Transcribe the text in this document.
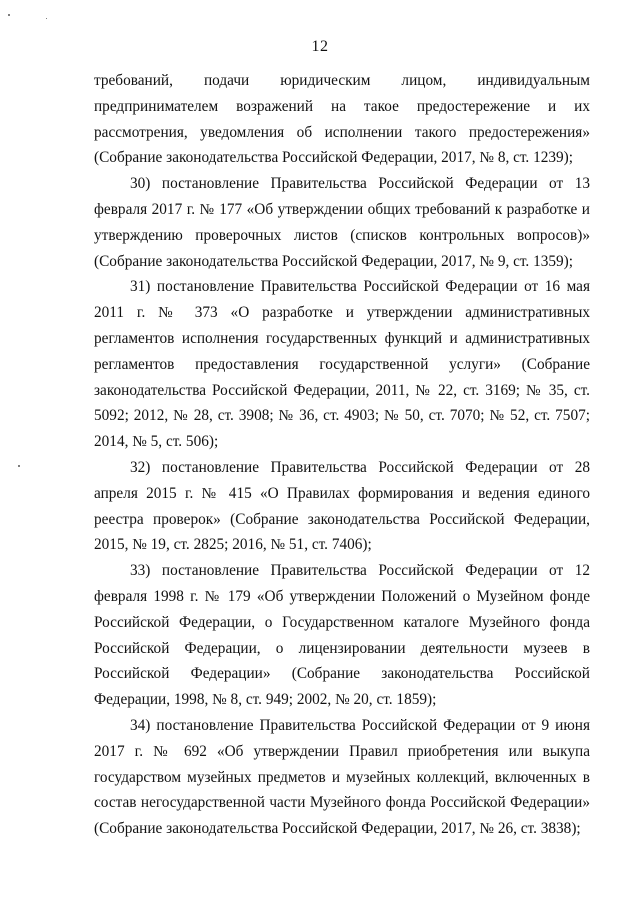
12

требований, подачи юридическим лицом, индивидуальным предпринимателем возражений на такое предостережение и их рассмотрения, уведомления об исполнении такого предостережения» (Собрание законодательства Российской Федерации, 2017, № 8, ст. 1239);

30) постановление Правительства Российской Федерации от 13 февраля 2017 г. № 177 «Об утверждении общих требований к разработке и утверждению проверочных листов (списков контрольных вопросов)» (Собрание законодательства Российской Федерации, 2017, № 9, ст. 1359);

31) постановление Правительства Российской Федерации от 16 мая 2011 г. № 373 «О разработке и утверждении административных регламентов исполнения государственных функций и административных регламентов предоставления государственной услуги» (Собрание законодательства Российской Федерации, 2011, № 22, ст. 3169; № 35, ст. 5092; 2012, № 28, ст. 3908; № 36, ст. 4903; № 50, ст. 7070; № 52, ст. 7507; 2014, № 5, ст. 506);

32) постановление Правительства Российской Федерации от 28 апреля 2015 г. № 415 «О Правилах формирования и ведения единого реестра проверок» (Собрание законодательства Российской Федерации, 2015, № 19, ст. 2825; 2016, № 51, ст. 7406);

33) постановление Правительства Российской Федерации от 12 февраля 1998 г. № 179 «Об утверждении Положений о Музейном фонде Российской Федерации, о Государственном каталоге Музейного фонда Российской Федерации, о лицензировании деятельности музеев в Российской Федерации» (Собрание законодательства Российской Федерации, 1998, № 8, ст. 949; 2002, № 20, ст. 1859);

34) постановление Правительства Российской Федерации от 9 июня 2017 г. № 692 «Об утверждении Правил приобретения или выкупа государством музейных предметов и музейных коллекций, включенных в состав негосударственной части Музейного фонда Российской Федерации» (Собрание законодательства Российской Федерации, 2017, № 26, ст. 3838);
